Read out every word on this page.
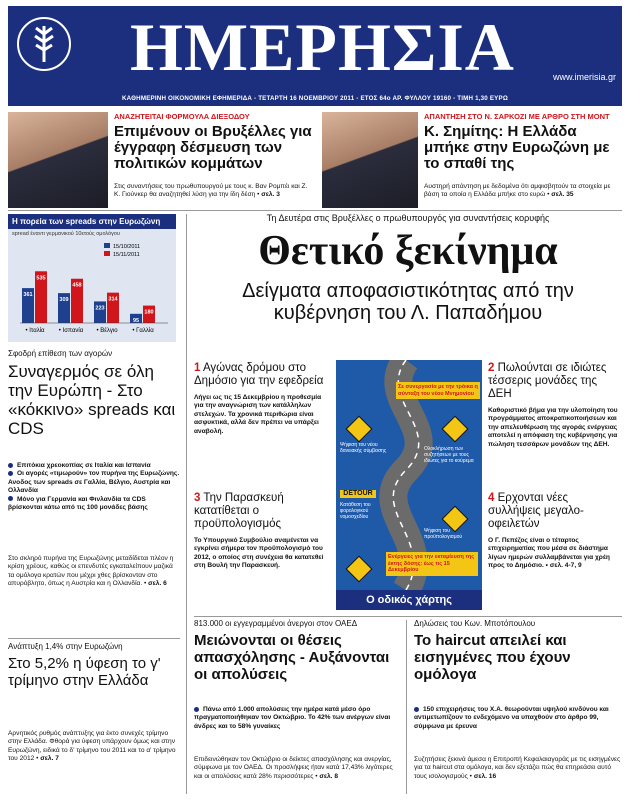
ΗΜΕΡΗΣΙΑ	www.imerisia.gr
ΚΑΘΗΜΕΡΙΝΗ ΟΙΚΟΝΟΜΙΚΗ ΕΦΗΜΕΡΙΔΑ - ΤΕΤΑΡΤΗ 16 ΝΟΕΜΒΡΙΟΥ 2011 - ΕΤΟΣ 64ο ΑΡ. ΦΥΛΛΟΥ 19160 - ΤΙΜΗ 1,30 ΕΥΡΩ
ΑΝΑΖΗΤΕΙΤΑΙ ΦΟΡΜΟΥΛΑ ΔΙΕΞΟΔΟΥ
Επιμένουν οι Βρυξέλλες για έγγραφη δέσμευση των πολιτικών κομμάτων
Στις συναντήσεις του πρωθυπουργού με τους κ. Βαν Ρομπέι και Ζ. Κ. Γιούνκερ θα αναζητηθεί λύση για την ίδη δέση • σελ. 3
ΑΠΑΝΤΗΣΗ ΣΤΟ Ν. ΣΑΡΚΟΖΙ ΜΕ ΑΡΘΡΟ ΣΤΗ ΜΟΝΤ
Κ. Σημίτης: Η Ελλάδα μπήκε στην Ευρωζώνη με το σπαθί της
Αυστηρή απάντηση με δεδομένα ότι αμφισβητούν τα στοιχεία με βάση τα οποία η Ελλάδα μπήκε στο ευρώ • σελ. 35
Η πορεία των spreads στην Ευρωζώνη
spread έναντι γερμανικού 10ετούς ομολόγου
15/10/2011
15/11/2011
361
535
• Ιταλία
309
458
• Ισπανία
223
314
• Βέλγιο
95
180
• Γαλλία
Σφοδρή επίθεση των αγορών
Συναγερμός σε όλη την Ευρώπη - Στο «κόκκινο» spreads και CDS
Επιτόκια χρεοκοπίας σε Ιταλία και Ισπανία
Οι αγορές «τιμωρούν» τον πυρήνα της Ευρωζώνης. Ανοδος των spreads σε Γαλλία, Βέλγιο, Αυστρία και Ολλανδία
Μόνο για Γερμανία και Φινλανδία τα CDS βρίσκονται κάτω από τις 100 μονάδες βάσης
Στο σκληρό πυρήνα της Ευρωζώνης μεταδίδεται πλέον η κρίση χρέους, καθώς οι επενδυτές εγκαταλείπουν μαζικά τα ομόλογα κρατών που μέχρι χθες βρίσκονταν στο απυρόβλητο, όπως η Αυστρία και η Ολλανδία. • σελ. 6
Ανάπτυξη 1,4% στην Ευρωζώνη
Στο 5,2% η ύφεση το γ' τρίμηνο στην Ελλάδα
Αρνητικός ρυθμός ανάπτυξης για έκτο συνεχές τρίμηνο στην Ελλάδα. Φθορά για ύφεση υπάρχουν όμως και στην Ευρωζώνη, ειδικά το δ' τρίμηνο του 2011 και το α' τρίμηνο του 2012 • σελ. 7
Τη Δευτέρα στις Βρυξέλλες ο πρωθυπουργός για συναντήσεις κορυφής
Θετικό ξεκίνημα
Δείγματα αποφασιστικότητας από την κυβέρνηση του Λ. Παπαδήμου
1 Αγώνας δρόμου στο Δημόσιο για την εφεδρεία
Λήγει ως τις 15 Δεκεμβρίου η προθεσμία για την αναγνώριση των κατάλληλων στελεχών. Τα χρονικά περιθώρια είναι ασφυκτικά, αλλά δεν πρέπει να υπάρξει αναβολή.
3 Την Παρασκευή κατατίθεται ο προϋπολογισμός
Το Υπουργικό Συμβούλιο αναμένεται να εγκρίνει σήμερα τον προϋπολογισμό του 2012, ο οποίος στη συνέχεια θα κατατεθεί στη Βουλή την Παρασκευή.
2 Πωλούνται σε ιδιώτες τέσσερις μονάδες της ΔΕΗ
Καθοριστικό βήμα για την υλοποίηση του προγράμματος αποκρατικοποιήσεων και την απελευθέρωση της αγοράς ενέργειας αποτελεί η απόφαση της κυβέρνησης για πώληση τεσσάρων μονάδων της ΔΕΗ.
4 Ερχονται νέες συλλήψεις μεγαλο-οφειλετών
Ο Γ. Πεπέζος είναι ο τέταρτος επιχειρηματίας που μέσα σε διάστημα λίγων ημερών συλλαμβάνεται για χρέη προς το Δημόσιο. • σελ. 4-7, 9
Σε συνεργασία με την τρόικα η σύνταξη του νέου Μνημονίου
Ψήφιση του νέου δανειακής σύμβασης	Ολοκλήρωση των συζητήσεων με τους ιδιώτες για το κούρεμα
DETOUR
Κατάθεση του φορολογικού νομοσχεδίου
Ψήφιση του προϋπολογισμού
Ενέργειες για την εκταμίευση της έκτης δόσης: έως τις 15 Δεκεμβρίου
Ο οδικός χάρτης
813.000 οι εγγεγραμμένοι άνεργοι στον ΟΑΕΔ
Μειώνονται οι θέσεις απασχόλησης - Αυξάνονται οι απολύσεις
Πάνω από 1.000 απολύσεις την ημέρα κατά μέσο όρο πραγματοποιήθηκαν τον Οκτώβριο. Το 42% των ανέργων είναι άνδρες και το 58% γυναίκες
Επιδεινώθηκαν τον Οκτώβριο οι δείκτες απασχόλησης και ανεργίας, σύμφωνα με τον ΟΑΕΔ. Οι προσλήψεις ήταν κατά 17,43% λιγότερες και οι απολύσεις κατά 28% περισσότερες • σελ. 8
Δηλώσεις του Κων. Μποτόπουλου
Το haircut απειλεί και εισηγμένες που έχουν ομόλογα
150 επιχειρήσεις του Χ.Α. θεωρούνται υψηλού κινδύνου και αντιμετωπίζουν το ενδεχόμενο να υπαχθούν στο άρθρο 99, σύμφωνα με έρευνα
Συζητήσεις ξεκινά άμεσα η Επιτροπή Κεφαλαιαγοράς με τις εισηγμένες για τα haircut στα ομόλογα, και δεν εξετάζει πώς θα επηρεάσει αυτό τους ισολογισμούς • σελ. 16
